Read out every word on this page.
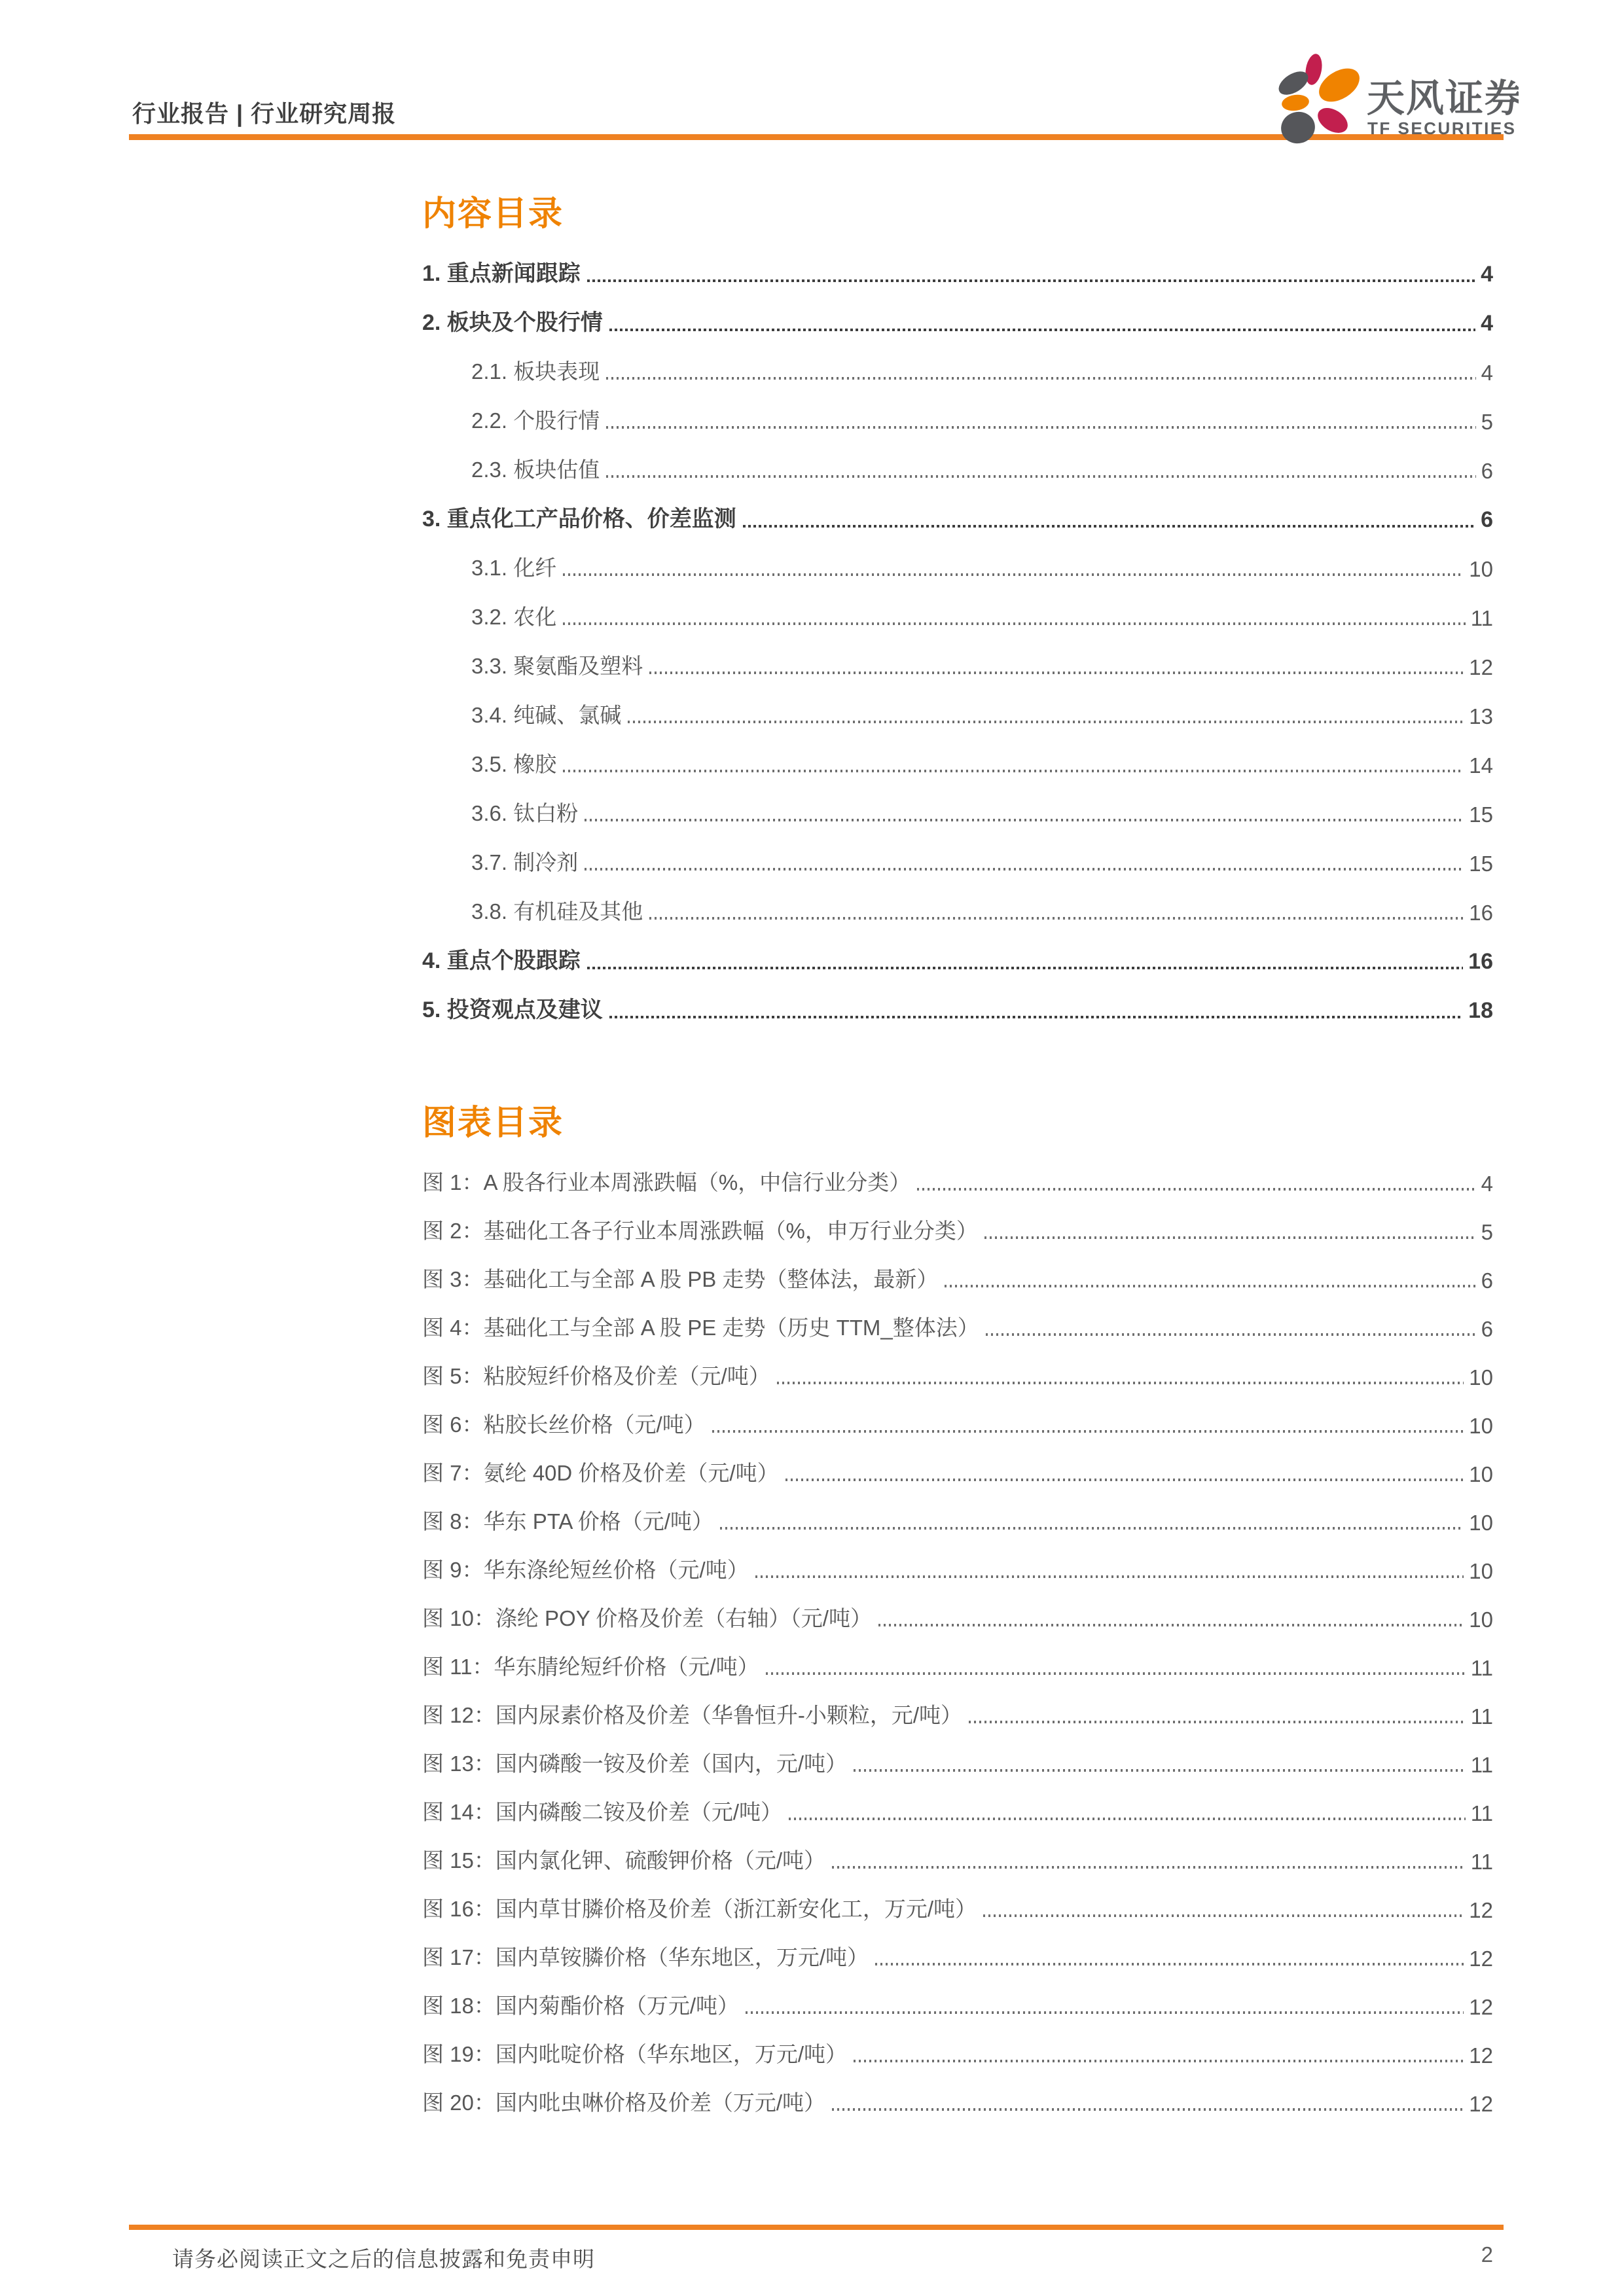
行业报告 | 行业研究周报	天风证券
TF SECURITIES
内容目录
1. 重点新闻跟踪	4
2. 板块及个股行情	4
2.1. 板块表现	4
2.2. 个股行情	5
2.3. 板块估值	6
3. 重点化工产品价格、价差监测	6
3.1. 化纤	10
3.2. 农化	11
3.3. 聚氨酯及塑料	12
3.4. 纯碱、氯碱	13
3.5. 橡胶	14
3.6. 钛白粉	15
3.7. 制冷剂	15
3.8. 有机硅及其他	16
4. 重点个股跟踪	16
5. 投资观点及建议	18
图表目录
图 1：A 股各行业本周涨跌幅（%，中信行业分类）	4
图 2：基础化工各子行业本周涨跌幅（%，申万行业分类）	5
图 3：基础化工与全部 A 股 PB 走势（整体法，最新）	6
图 4：基础化工与全部 A 股 PE 走势（历史 TTM_整体法）	6
图 5：粘胶短纤价格及价差（元/吨）	10
图 6：粘胶长丝价格（元/吨）	10
图 7：氨纶 40D 价格及价差（元/吨）	10
图 8：华东 PTA 价格（元/吨）	10
图 9：华东涤纶短丝价格（元/吨）	10
图 10：涤纶 POY 价格及价差（右轴）（元/吨）	10
图 11：华东腈纶短纤价格（元/吨）	11
图 12：国内尿素价格及价差（华鲁恒升-小颗粒，元/吨）	11
图 13：国内磷酸一铵及价差（国内，元/吨）	11
图 14：国内磷酸二铵及价差（元/吨）	11
图 15：国内氯化钾、硫酸钾价格（元/吨）	11
图 16：国内草甘膦价格及价差（浙江新安化工，万元/吨）	12
图 17：国内草铵膦价格（华东地区，万元/吨）	12
图 18：国内菊酯价格（万元/吨）	12
图 19：国内吡啶价格（华东地区，万元/吨）	12
图 20：国内吡虫啉价格及价差（万元/吨）	12
请务必阅读正文之后的信息披露和免责申明	2
